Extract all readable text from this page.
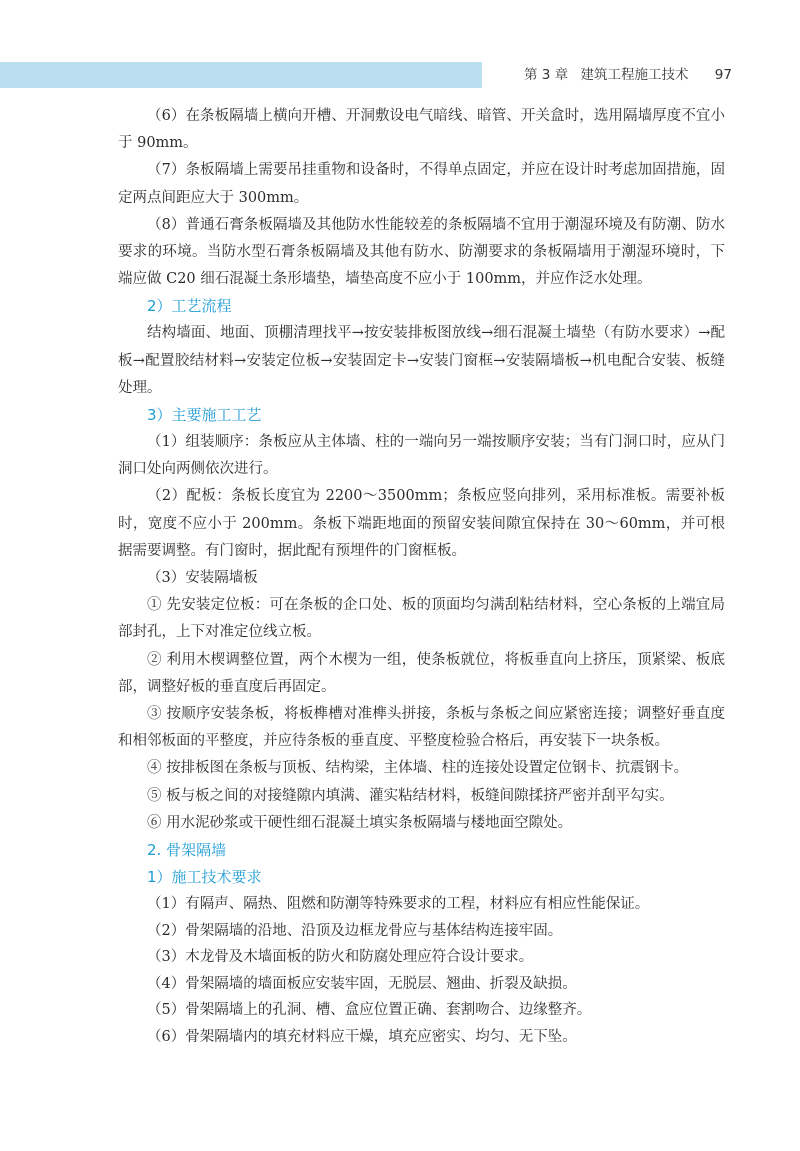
第 3 章 建筑工程施工技术 97

（6）在条板隔墙上横向开槽、开洞敷设电气暗线、暗管、开关盒时，选用隔墙厚度不宜小于 90mm。

（7）条板隔墙上需要吊挂重物和设备时，不得单点固定，并应在设计时考虑加固措施，固定两点间距应大于 300mm。

（8）普通石膏条板隔墙及其他防水性能较差的条板隔墙不宜用于潮湿环境及有防潮、防水要求的环境。当防水型石膏条板隔墙及其他有防水、防潮要求的条板隔墙用于潮湿环境时，下端应做 C20 细石混凝土条形墙垫，墙垫高度不应小于 100mm，并应作泛水处理。

2）工艺流程

结构墙面、地面、顶棚清理找平→按安装排板图放线→细石混凝土墙垫（有防水要求）→配板→配置胶结材料→安装定位板→安装固定卡→安装门窗框→安装隔墙板→机电配合安装、板缝处理。

3）主要施工工艺

（1）组装顺序：条板应从主体墙、柱的一端向另一端按顺序安装；当有门洞口时，应从门洞口处向两侧依次进行。

（2）配板：条板长度宜为 2200～3500mm；条板应竖向排列，采用标准板。需要补板时，宽度不应小于 200mm。条板下端距地面的预留安装间隙宜保持在 30～60mm，并可根据需要调整。有门窗时，据此配有预埋件的门窗框板。

（3）安装隔墙板

① 先安装定位板：可在条板的企口处、板的顶面均匀满刮粘结材料，空心条板的上端宜局部封孔，上下对准定位线立板。

② 利用木楔调整位置，两个木楔为一组，使条板就位，将板垂直向上挤压，顶紧梁、板底部，调整好板的垂直度后再固定。

③ 按顺序安装条板，将板榫槽对准榫头拼接，条板与条板之间应紧密连接；调整好垂直度和相邻板面的平整度，并应待条板的垂直度、平整度检验合格后，再安装下一块条板。

④ 按排板图在条板与顶板、结构梁，主体墙、柱的连接处设置定位钢卡、抗震钢卡。

⑤ 板与板之间的对接缝隙内填满、灌实粘结材料，板缝间隙揉挤严密并刮平勾实。

⑥ 用水泥砂浆或干硬性细石混凝土填实条板隔墙与楼地面空隙处。

2. 骨架隔墙

1）施工技术要求

（1）有隔声、隔热、阻燃和防潮等特殊要求的工程，材料应有相应性能保证。

（2）骨架隔墙的沿地、沿顶及边框龙骨应与基体结构连接牢固。

（3）木龙骨及木墙面板的防火和防腐处理应符合设计要求。

（4）骨架隔墙的墙面板应安装牢固，无脱层、翘曲、折裂及缺损。

（5）骨架隔墙上的孔洞、槽、盒应位置正确、套割吻合、边缘整齐。

（6）骨架隔墙内的填充材料应干燥，填充应密实、均匀、无下坠。
